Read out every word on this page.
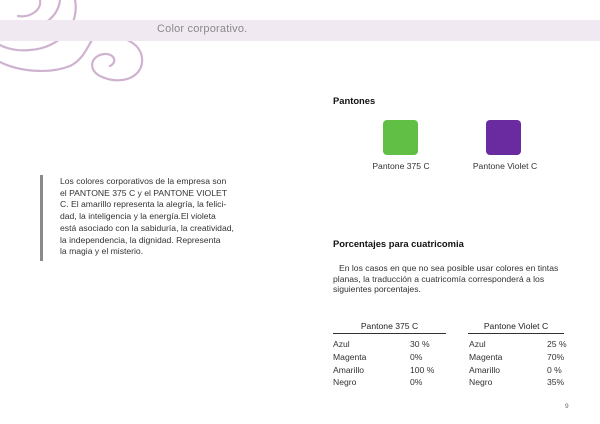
Color corporativo.
Los colores corporativos de la empresa son
el PANTONE 375 C y el PANTONE VIOLET
C. El amarillo representa la alegría, la felici-
dad, la inteligencia y la energía.El violeta
está asociado con la sabiduría, la creatividad,
la independencia, la dignidad. Representa
la magia y el misterio.
Pantones
Pantone 375 C	Pantone Violet C
Porcentajes para cuatricomia
En los casos en que no sea posible usar colores en tintas planas, la traducción a cuatricomía corresponderá a los siguientes porcentajes.
Pantone 375 C
Azul	30 %
Magenta	0%
Amarillo	100 %
Negro	0%
Pantone Violet C
Azul	25 %
Magenta	70%
Amarillo	0 %
Negro	35%
9
